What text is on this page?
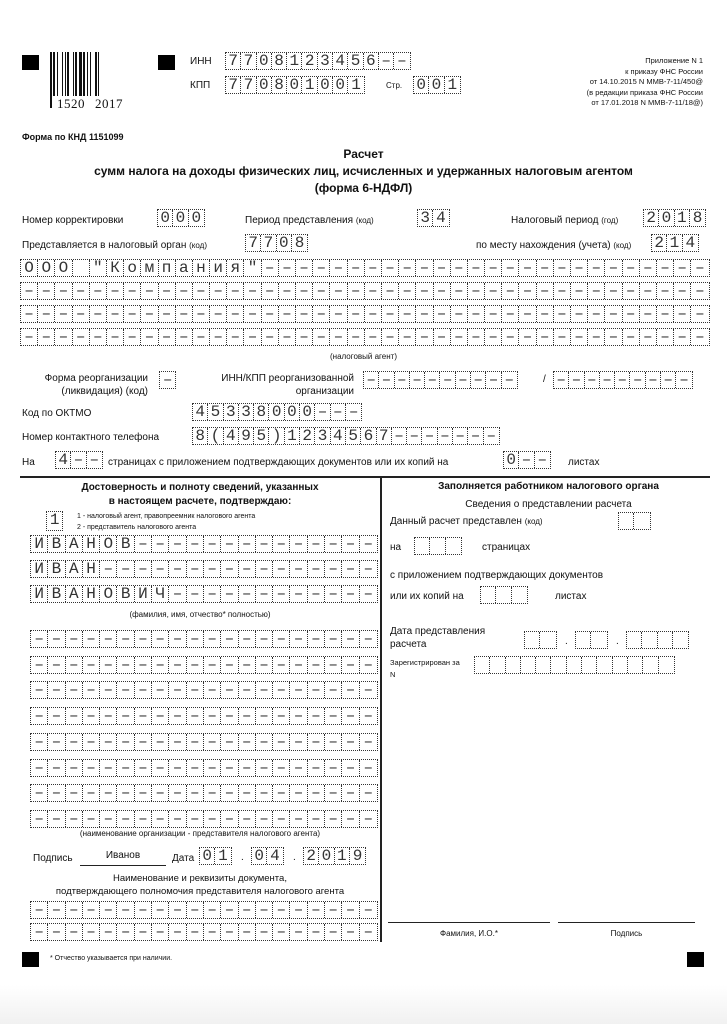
1520 2017
ИНН 7 7 0 8 1 2 3 4 5 6 – –
КПП 7 7 0 8 0 1 0 0 1	Стр. 0 0 1
Приложение N 1
к приказу ФНС России
от 14.10.2015 N ММВ-7-11/450@
(в редакции приказа ФНС России
от 17.01.2018 N ММВ-7-11/18@)
Форма по КНД 1151099
Расчет
сумм налога на доходы физических лиц, исчисленных и удержанных налоговым агентом
(форма 6-НДФЛ)
Номер корректировки 0 0 0	Период представления (код)	3 4	Налоговый период (год) 2 0 1 8
Представляется в налоговый орган (код)	7 7 0 8	по месту нахождения (учета) (код) 2 1 4
О О О " К о м п а н и я " – – – – – – – – – – – – – – – – – – – – – – – – – –
– – – – – – – – – – – – – – – – – – – – – – – – – – – – – – – – – – – – – – – –
– – – – – – – – – – – – – – – – – – – – – – – – – – – – – – – – – – – – – – – –
– – – – – – – – – – – – – – – – – – – – – – – – – – – – – – – – – – – – – – – –
(налоговый агент)
Форма реорганизации
(ликвидация) (код)
–	ИНН/КПП реорганизованной
организации
– – – – – – – – – –	/ – – – – – – – – –
Код по ОКТМО	4 5 3 3 8 0 0 0 – – –
Номер контактного телефона 8 ( 4 9 5 ) 1 2 3 4 5 6 7 – – – – – – –
На 4 – – страницах с приложением подтверждающих документов или их копий на	0 – – листах
Достоверность и полноту сведений, указанных
в настоящем расчете, подтверждаю:
1	1 - налоговый агент, правопреемник налогового агента
2 - представитель налогового агента
И В А Н О В – – – – – – – – – – – – – –
И В А Н – – – – – – – – – – – – – – – –
И В А Н О В И Ч – – – – – – – – – – – –
(фамилия, имя, отчество* полностью)
– – – – – – – – – – – – – – – – – – – –
– – – – – – – – – – – – – – – – – – – –
– – – – – – – – – – – – – – – – – – – –
– – – – – – – – – – – – – – – – – – – –
– – – – – – – – – – – – – – – – – – – –
– – – – – – – – – – – – – – – – – – – –
– – – – – – – – – – – – – – – – – – – –
– – – – – – – – – – – – – – – – – – – –
(наименование организации - представителя налогового агента)
Подпись	Иванов	Дата 0 1 . 0 4 . 2 0 1 9
Наименование и реквизиты документа,
подтверждающего полномочия представителя налогового агента
– – – – – – – – – – – – – – – – – – – –
– – – – – – – – – – – – – – – – – – – –
* Отчество указывается при наличии.
Заполняется работником налогового органа
Сведения о представлении расчета
Данный расчет представлен (код)
на	страницах
с приложением подтверждающих документов
или их копий на	листах
Дата представления
расчета	.	.
Зарегистрирован за
N
Фамилия, И.О.*	Подпись
